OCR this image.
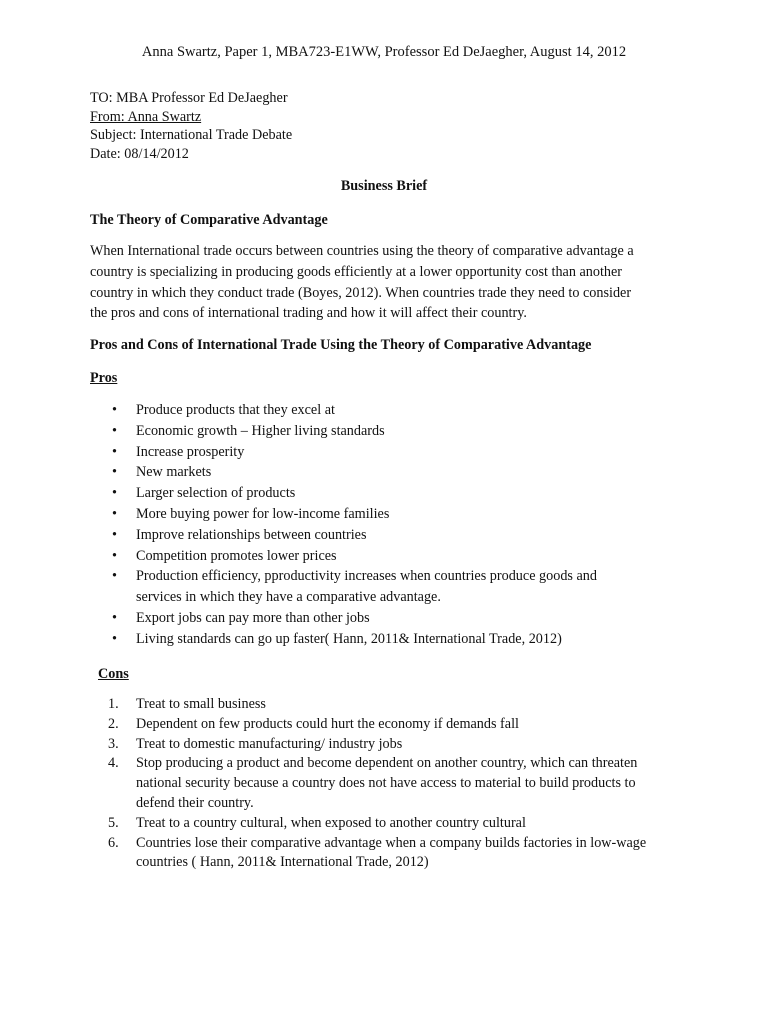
Anna Swartz, Paper 1, MBA723-E1WW, Professor Ed DeJaegher, August 14, 2012
TO: MBA Professor Ed DeJaegher
From: Anna Swartz
Subject: International Trade Debate
Date: 08/14/2012
Business Brief
The Theory of Comparative Advantage
When International trade occurs between countries using the theory of comparative advantage a
country is specializing in producing goods efficiently at a lower opportunity cost than another
country in which they conduct trade (Boyes, 2012). When countries trade they need to consider
the pros and cons of international trading and how it will affect their country.
Pros and Cons of International Trade Using the Theory of Comparative Advantage
Pros
• Produce products that they excel at
• Economic growth – Higher living standards
• Increase prosperity
• New markets
• Larger selection of products
• More buying power for low-income families
• Improve relationships between countries
• Competition promotes lower prices
• Production efficiency, pproductivity increases when countries produce goods and
services in which they have a comparative advantage.
• Export jobs can pay more than other jobs
• Living standards can go up faster( Hann, 2011& International Trade, 2012)
Cons
1. Treat to small business
2. Dependent on few products could hurt the economy if demands fall
3. Treat to domestic manufacturing/ industry jobs
4. Stop producing a product and become dependent on another country, which can threaten
national security because a country does not have access to material to build products to
defend their country.
5. Treat to a country cultural, when exposed to another country cultural
6. Countries lose their comparative advantage when a company builds factories in low-wage
countries ( Hann, 2011& International Trade, 2012)
